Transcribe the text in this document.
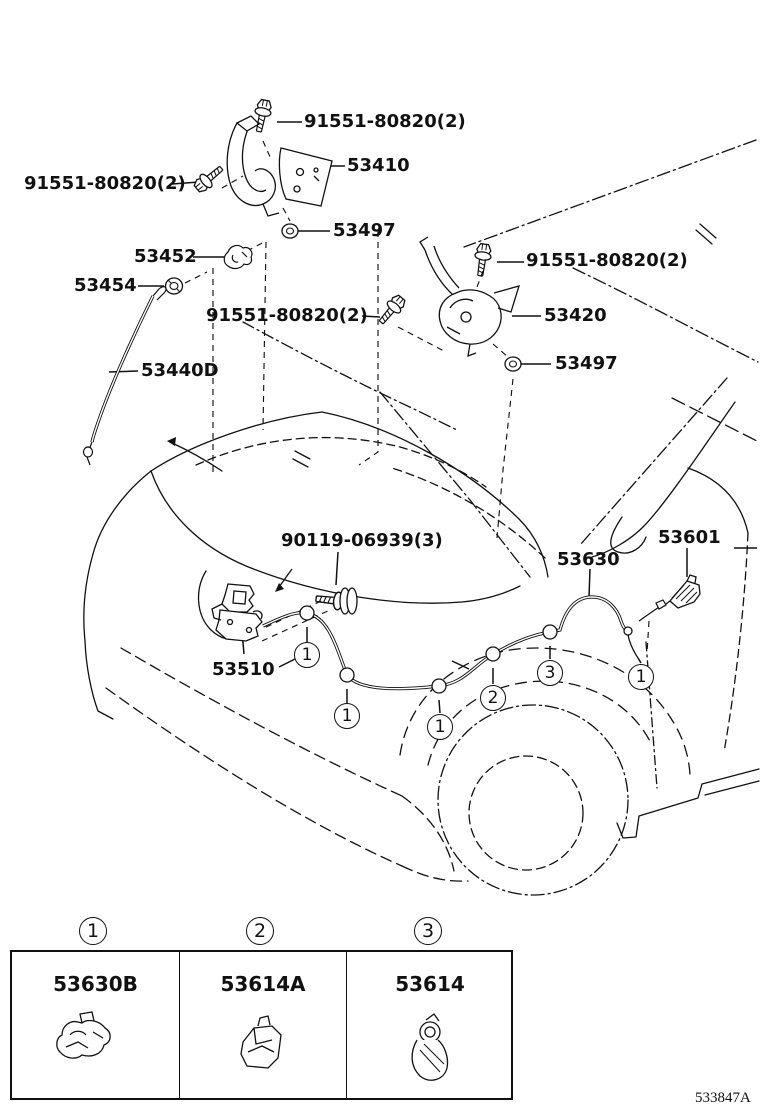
91551-80820(2)
53410
91551-80820(2)
53497
53452
53454
91551-80820(2)	53420
91551-80820(2)
53497
53440D
90119-06939(3)
53630
53601
53510
1
1
1
2
3	1
1	2	3
53630B	53614A	53614
533847A
